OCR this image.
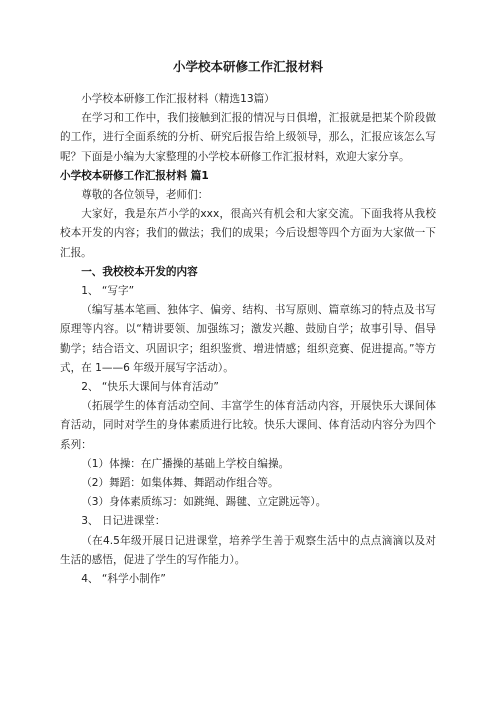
小学校本研修工作汇报材料

小学校本研修工作汇报材料（精选13篇）

在学习和工作中，我们接触到汇报的情况与日俱增，汇报就是把某个阶段做的工作，进行全面系统的分析、研究后报告给上级领导，那么，汇报应该怎么写呢？下面是小编为大家整理的小学校本研修工作汇报材料，欢迎大家分享。

小学校本研修工作汇报材料 篇1

尊敬的各位领导，老师们：

大家好，我是东芦小学的xxx，很高兴有机会和大家交流。下面我将从我校校本开发的内容；我们的做法；我们的成果；今后设想等四个方面为大家做一下汇报。

一、我校校本开发的内容

1、 “写字”

（编写基本笔画、独体字、偏旁、结构、书写原则、篇章练习的特点及书写原理等内容。以“精讲要领、加强练习；激发兴趣、鼓励自学；故事引导、倡导勤学；结合语文、巩固识字；组织鉴赏、增进情感；组织竞赛、促进提高。”等方式，在 1——6 年级开展写字活动）。

2、 “快乐大课间与体育活动”

（拓展学生的体育活动空间、丰富学生的体育活动内容，开展快乐大课间体育活动，同时对学生的身体素质进行比较。快乐大课间、体育活动内容分为四个系列：

（1）体操：在广播操的基础上学校自编操。

（2）舞蹈：如集体舞、舞蹈动作组合等。

（3）身体素质练习：如跳绳、踢毽、立定跳远等）。

3、 日记进课堂：

（在4.5年级开展日记进课堂，培养学生善于观察生活中的点点滴滴以及对生活的感悟，促进了学生的写作能力）。

4、 “科学小制作”
